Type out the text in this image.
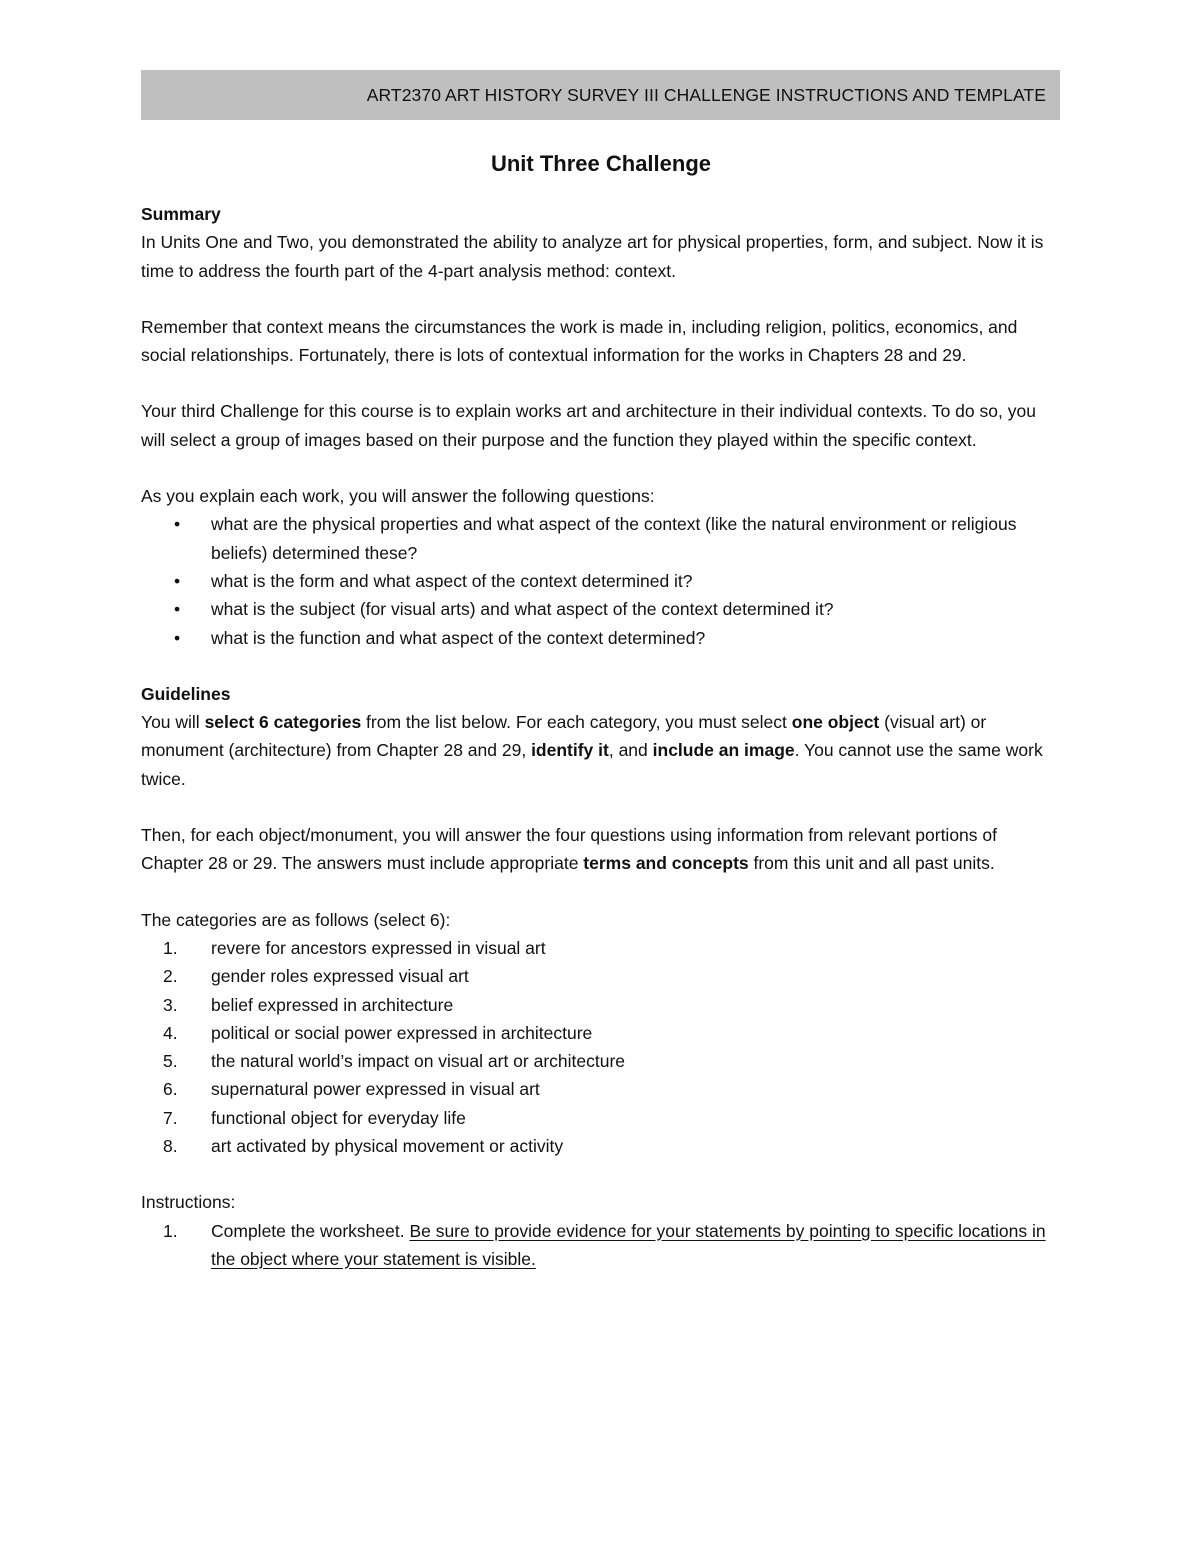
ART2370 ART HISTORY SURVEY III CHALLENGE INSTRUCTIONS AND TEMPLATE
Unit Three Challenge

Summary

In Units One and Two, you demonstrated the ability to analyze art for physical properties, form, and subject. Now it is time to address the fourth part of the 4-part analysis method: context.

Remember that context means the circumstances the work is made in, including religion, politics, economics, and social relationships. Fortunately, there is lots of contextual information for the works in Chapters 28 and 29.

Your third Challenge for this course is to explain works art and architecture in their individual contexts. To do so, you will select a group of images based on their purpose and the function they played within the specific context.

As you explain each work, you will answer the following questions:

• what are the physical properties and what aspect of the context (like the natural environment or religious beliefs) determined these?
• what is the form and what aspect of the context determined it?
• what is the subject (for visual arts) and what aspect of the context determined it?
• what is the function and what aspect of the context determined?

Guidelines

You will select 6 categories from the list below. For each category, you must select one object (visual art) or monument (architecture) from Chapter 28 and 29, identify it, and include an image. You cannot use the same work twice.

Then, for each object/monument, you will answer the four questions using information from relevant portions of Chapter 28 or 29. The answers must include appropriate terms and concepts from this unit and all past units.

The categories are as follows (select 6):

1. revere for ancestors expressed in visual art
2. gender roles expressed visual art
3. belief expressed in architecture
4. political or social power expressed in architecture
5. the natural world’s impact on visual art or architecture
6. supernatural power expressed in visual art
7. functional object for everyday life
8. art activated by physical movement or activity

Instructions:

1. Complete the worksheet. Be sure to provide evidence for your statements by pointing to specific locations in the object where your statement is visible.
